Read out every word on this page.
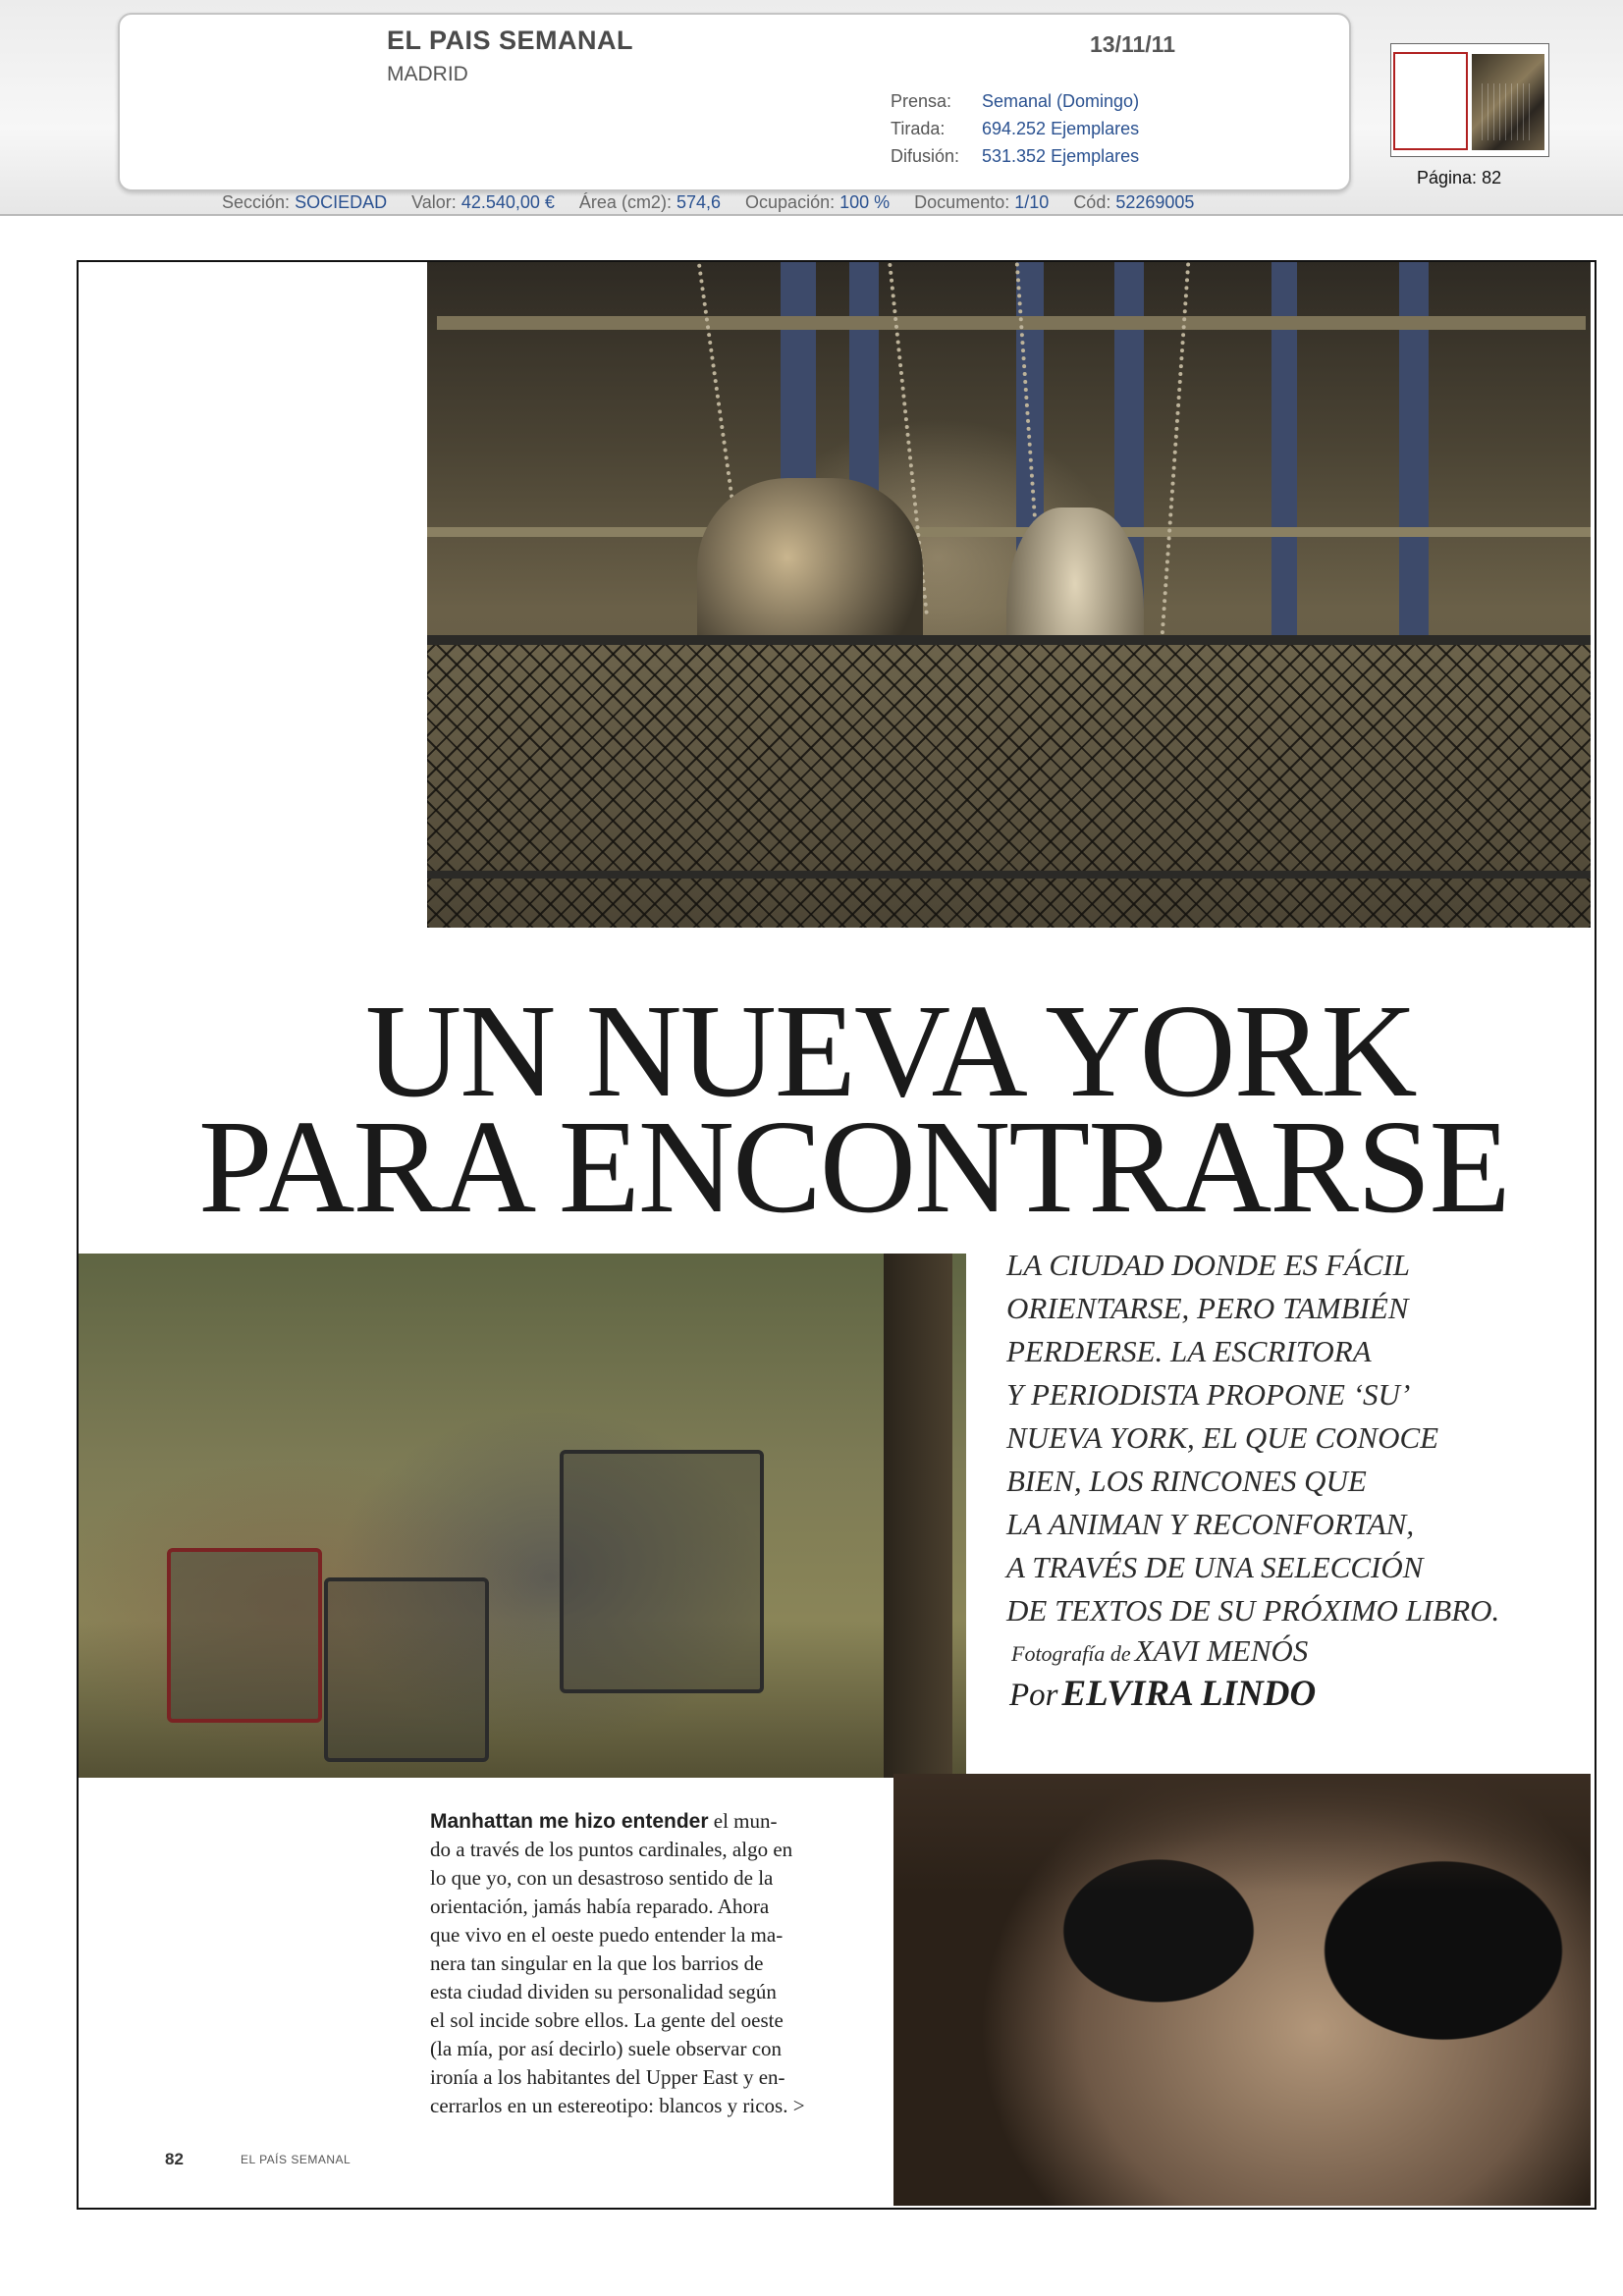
EL PAIS SEMANAL
MADRID
13/11/11
Prensa: Semanal (Domingo)
Tirada: 694.252 Ejemplares
Difusión: 531.352 Ejemplares
Sección: SOCIEDAD Valor: 42.540,00 € Área (cm2): 574,6 Ocupación: 100 % Documento: 1/10 Cód: 52269005
Página: 82
UN NUEVA YORK
PARA ENCONTRARSE
LA CIUDAD DONDE ES FÁCIL
ORIENTARSE, PERO TAMBIÉN
PERDERSE. LA ESCRITORA
Y PERIODISTA PROPONE ‘SU’
NUEVA YORK, EL QUE CONOCE
BIEN, LOS RINCONES QUE
LA ANIMAN Y RECONFORTAN,
A TRAVÉS DE UNA SELECCIÓN
DE TEXTOS DE SU PRÓXIMO LIBRO.
Fotografía de XAVI MENÓS
Por ELVIRA LINDO
Manhattan me hizo entender el mun-
do a través de los puntos cardinales, algo en
lo que yo, con un desastroso sentido de la
orientación, jamás había reparado. Ahora
que vivo en el oeste puedo entender la ma-
nera tan singular en la que los barrios de
esta ciudad dividen su personalidad según
el sol incide sobre ellos. La gente del oeste
(la mía, por así decirlo) suele observar con
ironía a los habitantes del Upper East y en-
cerrarlos en un estereotipo: blancos y ricos. >
82	EL PAÍS SEMANAL
